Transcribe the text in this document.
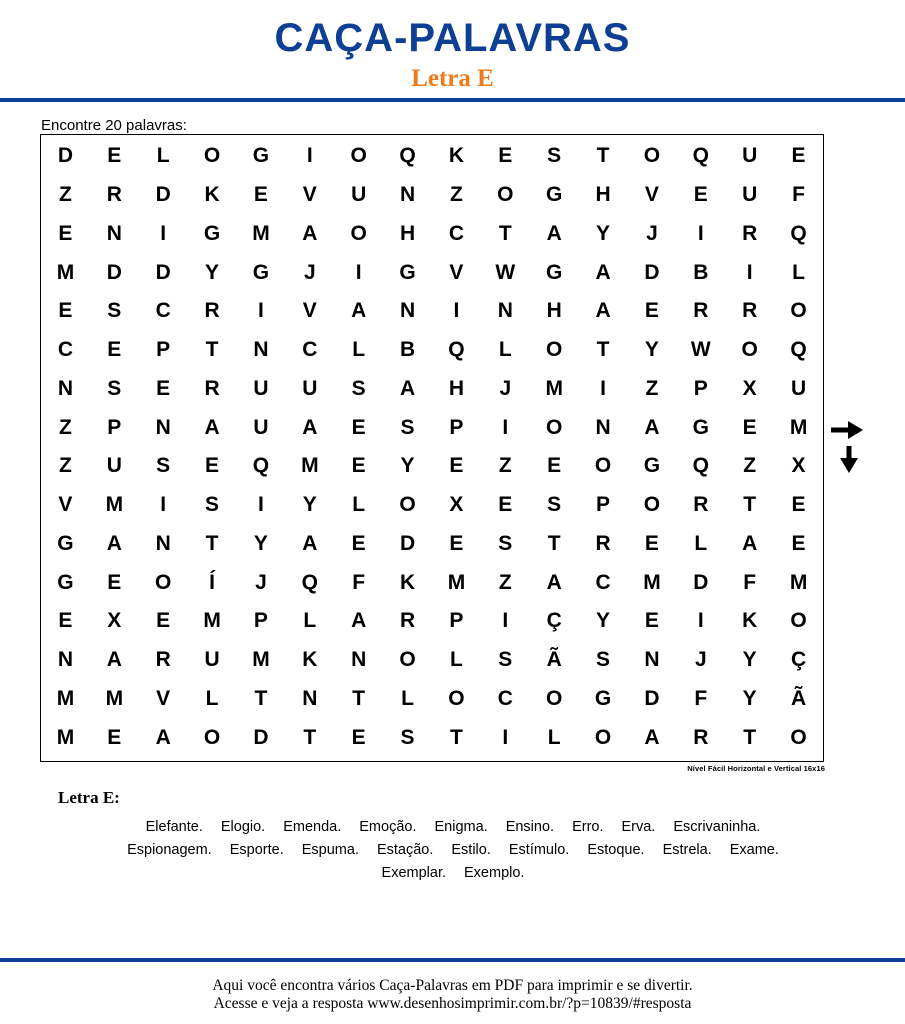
CAÇA-PALAVRAS
Letra E
Encontre 20 palavras:
D	E	L	O	G	I	O	Q	K	E	S	T	O	Q	U	E
Z	R	D	K	E	V	U	N	Z	O	G	H	V	E	U	F
E	N	I	G	M	A	O	H	C	T	A	Y	J	I	R	Q
M	D	D	Y	G	J	I	G	V	W	G	A	D	B	I	L
E	S	C	R	I	V	A	N	I	N	H	A	E	R	R	O
C	E	P	T	N	C	L	B	Q	L	O	T	Y	W	O	Q
N	S	E	R	U	U	S	A	H	J	M	I	Z	P	X	U
Z	P	N	A	U	A	E	S	P	I	O	N	A	G	E	M
Z	U	S	E	Q	M	E	Y	E	Z	E	O	G	Q	Z	X
V	M	I	S	I	Y	L	O	X	E	S	P	O	R	T	E
G	A	N	T	Y	A	E	D	E	S	T	R	E	L	A	E
G	E	O	Í	J	Q	F	K	M	Z	A	C	M	D	F	M
E	X	E	M	P	L	A	R	P	I	Ç	Y	E	I	K	O
N	A	R	U	M	K	N	O	L	S	Ã	S	N	J	Y	Ç
M	M	V	L	T	N	T	L	O	C	O	G	D	F	Y	Ã
M	E	A	O	D	T	E	S	T	I	L	O	A	R	T	O
Nível Fácil Horizontal e Vertical 16x16
Letra E:
Elefante. Elogio. Emenda. Emoção. Enigma. Ensino. Erro. Erva. Escrivaninha.
Espionagem. Esporte. Espuma. Estação. Estilo. Estímulo. Estoque. Estrela. Exame.
Exemplar. Exemplo.
Aqui você encontra vários Caça-Palavras em PDF para imprimir e se divertir.
Acesse e veja a resposta www.desenhosimprimir.com.br/?p=10839/#resposta
